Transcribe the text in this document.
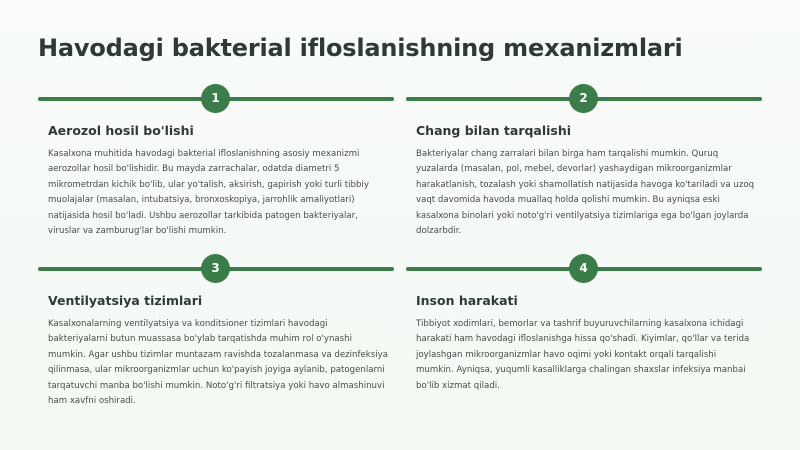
Havodagi bakterial ifloslanishning mexanizmlari
1
Aerozol hosil bo'lishi
Kasalxona muhitida havodagi bakterial ifloslanishning asosiy mexanizmi aerozollar hosil bo'lishidir. Bu mayda zarrachalar, odatda diametri 5 mikrometrdan kichik bo'lib, ular yo'talish, aksirish, gapirish yoki turli tibbiy muolajalar (masalan, intubatsiya, bronxoskopiya, jarrohlik amaliyotlari) natijasida hosil bo'ladi. Ushbu aerozollar tarkibida patogen bakteriyalar, viruslar va zamburug'lar bo'lishi mumkin.
2
Chang bilan tarqalishi
Bakteriyalar chang zarralari bilan birga ham tarqalishi mumkin. Quruq yuzalarda (masalan, pol, mebel, devorlar) yashaydigan mikroorganizmlar harakatlanish, tozalash yoki shamollatish natijasida havoga ko'tariladi va uzoq vaqt davomida havoda muallaq holda qolishi mumkin. Bu ayniqsa eski kasalxona binolari yoki noto'g'ri ventilyatsiya tizimlariga ega bo'lgan joylarda dolzarbdir.
3
Ventilyatsiya tizimlari
Kasalxonalarning ventilyatsiya va konditsioner tizimlari havodagi bakteriyalarni butun muassasa bo'ylab tarqatishda muhim rol o'ynashi mumkin. Agar ushbu tizimlar muntazam ravishda tozalanmasa va dezinfeksiya qilinmasa, ular mikroorganizmlar uchun ko'payish joyiga aylanib, patogenlarni tarqatuvchi manba bo'lishi mumkin. Noto'g'ri filtratsiya yoki havo almashinuvi ham xavfni oshiradi.
4
Inson harakati
Tibbiyot xodimlari, bemorlar va tashrif buyuruvchilarning kasalxona ichidagi harakati ham havodagi ifloslanishga hissa qo'shadi. Kiyimlar, qo'llar va terida joylashgan mikroorganizmlar havo oqimi yoki kontakt orqali tarqalishi mumkin. Ayniqsa, yuqumli kasalliklarga chalingan shaxslar infeksiya manbai bo'lib xizmat qiladi.
